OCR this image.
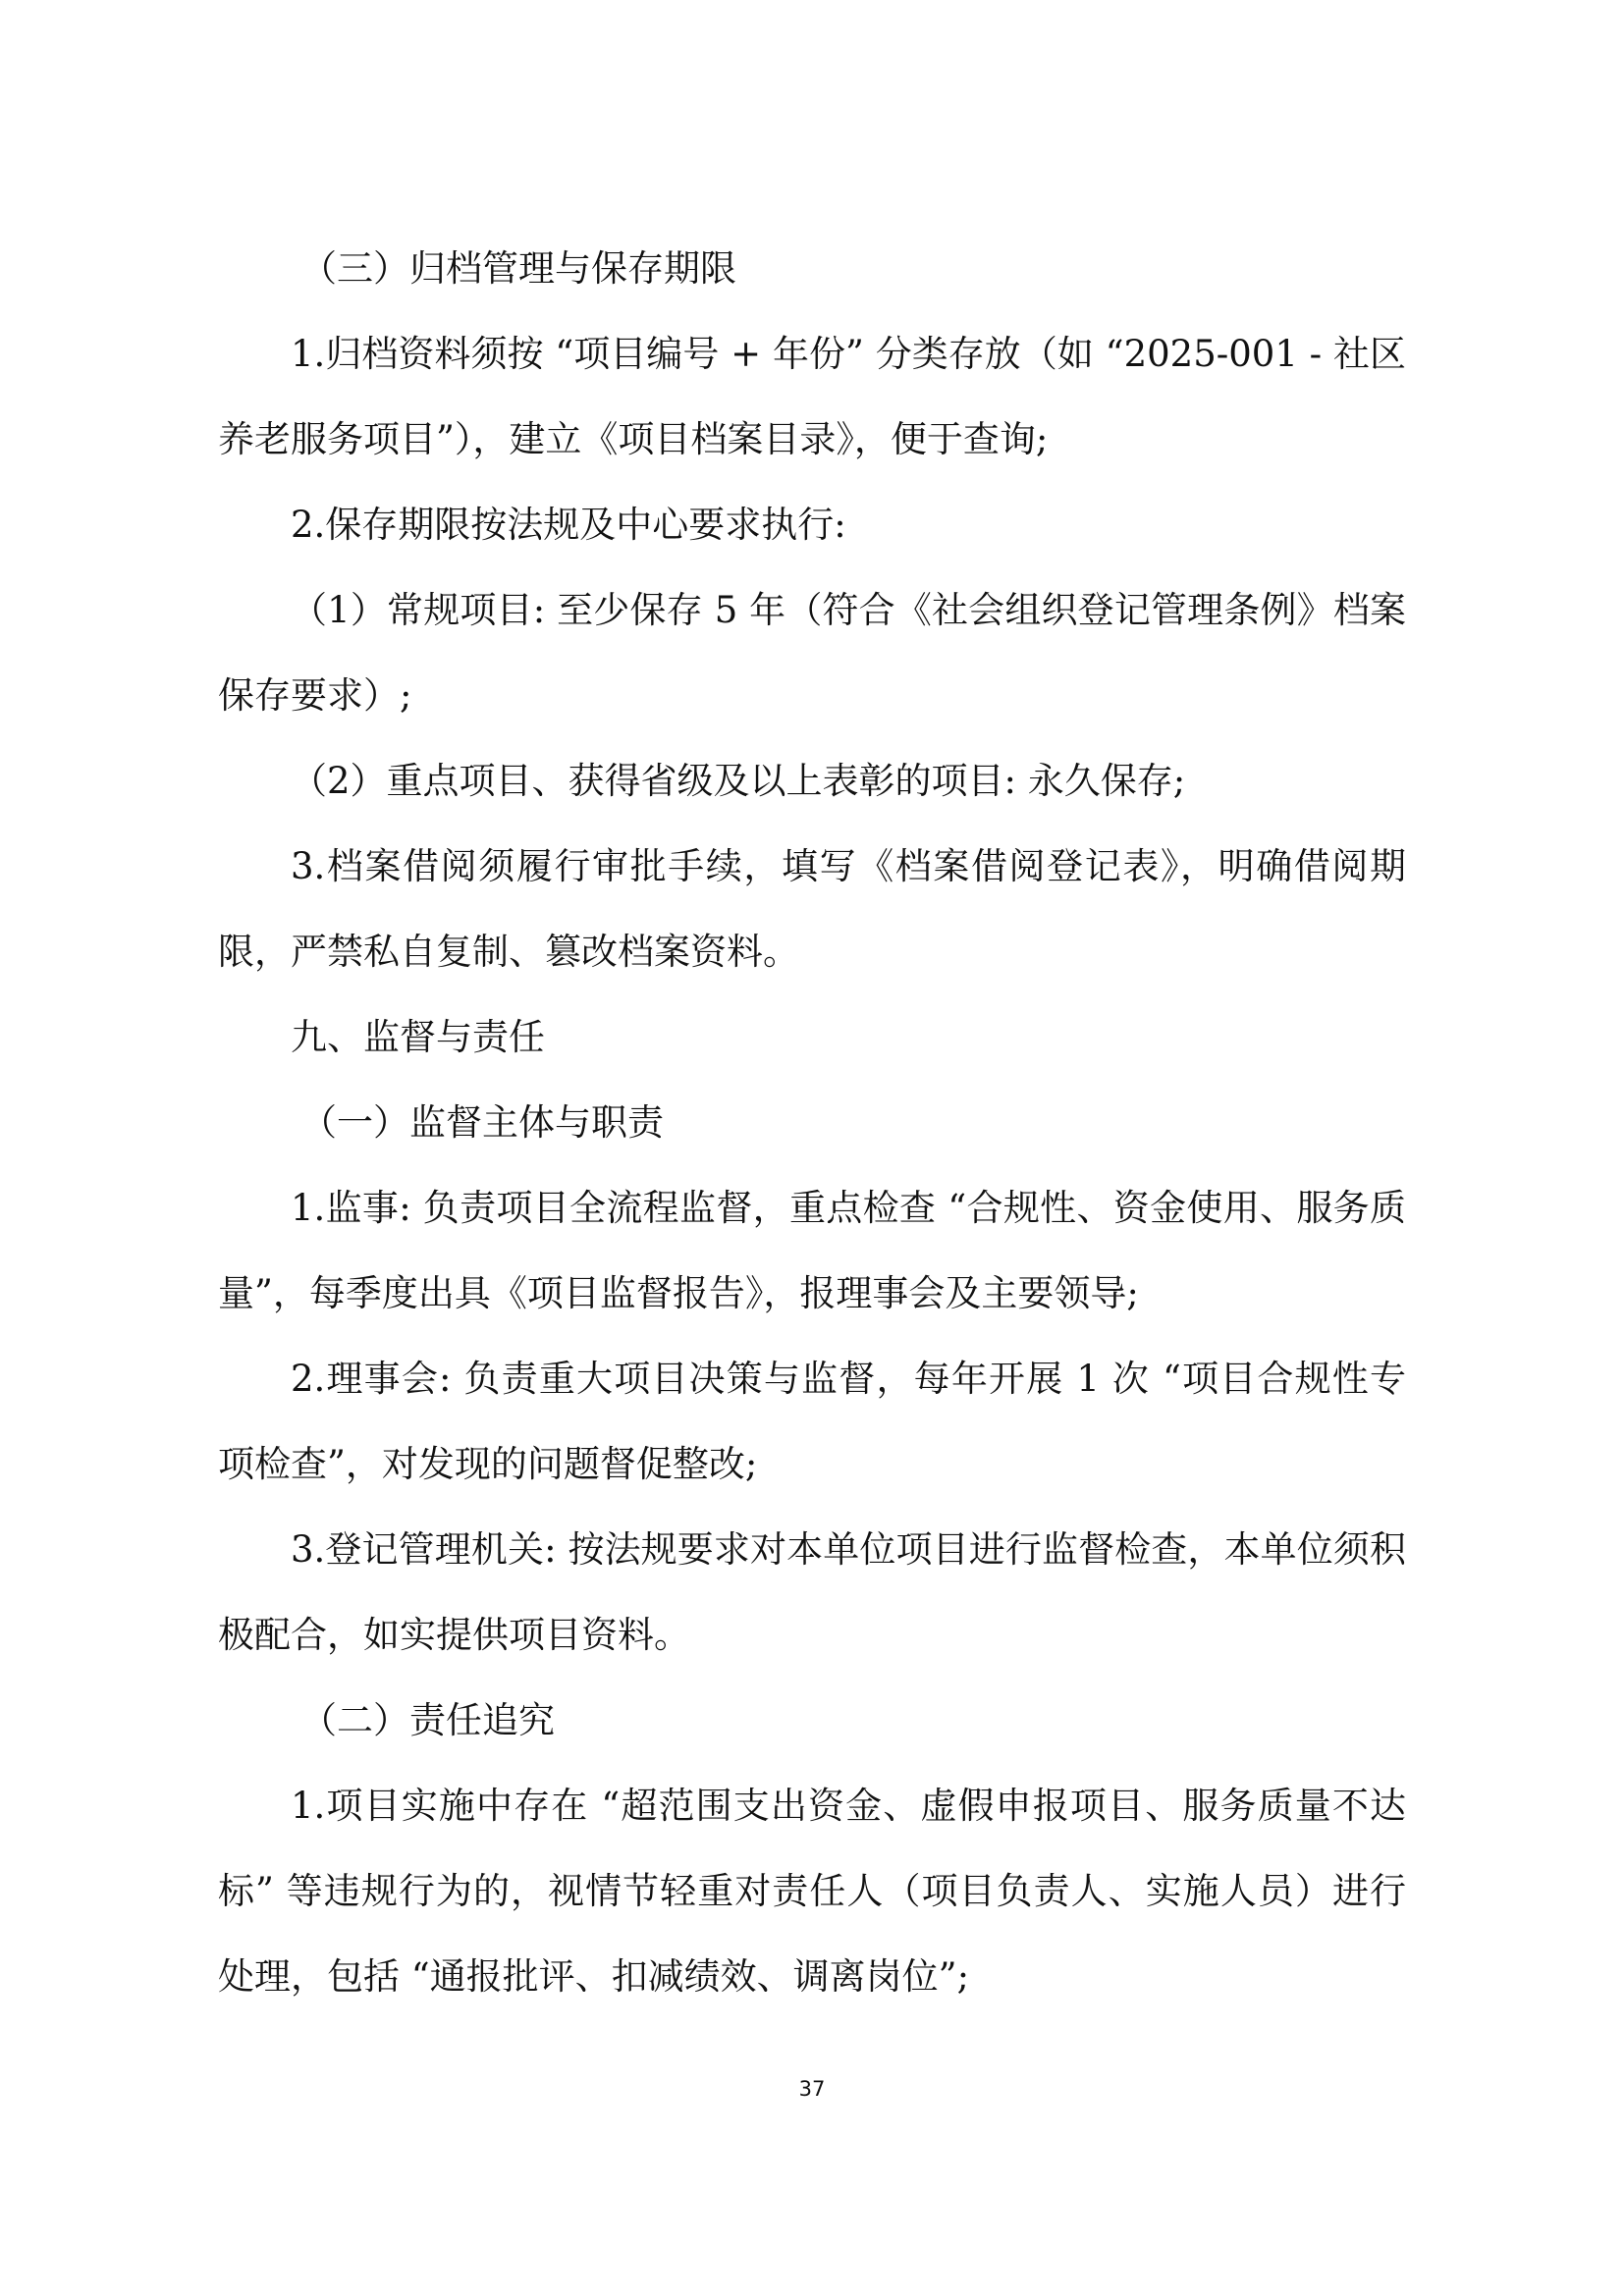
（三）归档管理与保存期限

1.归档资料须按 “项目编号 + 年份” 分类存放（如 “2025-001 - 社区养老服务项目”），建立《项目档案目录》，便于查询;

2.保存期限按法规及中心要求执行:

（1）常规项目: 至少保存 5 年（符合《社会组织登记管理条例》档案保存要求）;

（2）重点项目、获得省级及以上表彰的项目: 永久保存;

3.档案借阅须履行审批手续，填写《档案借阅登记表》，明确借阅期限，严禁私自复制、篡改档案资料。

九、监督与责任

（一）监督主体与职责

1.监事: 负责项目全流程监督，重点检查 “合规性、资金使用、服务质量”，每季度出具《项目监督报告》，报理事会及主要领导;

2.理事会: 负责重大项目决策与监督，每年开展 1 次 “项目合规性专项检查”，对发现的问题督促整改;

3.登记管理机关: 按法规要求对本单位项目进行监督检查，本单位须积极配合，如实提供项目资料。

（二）责任追究

1.项目实施中存在 “超范围支出资金、虚假申报项目、服务质量不达标” 等违规行为的，视情节轻重对责任人（项目负责人、实施人员）进行处理，包括 “通报批评、扣减绩效、调离岗位”;

37
